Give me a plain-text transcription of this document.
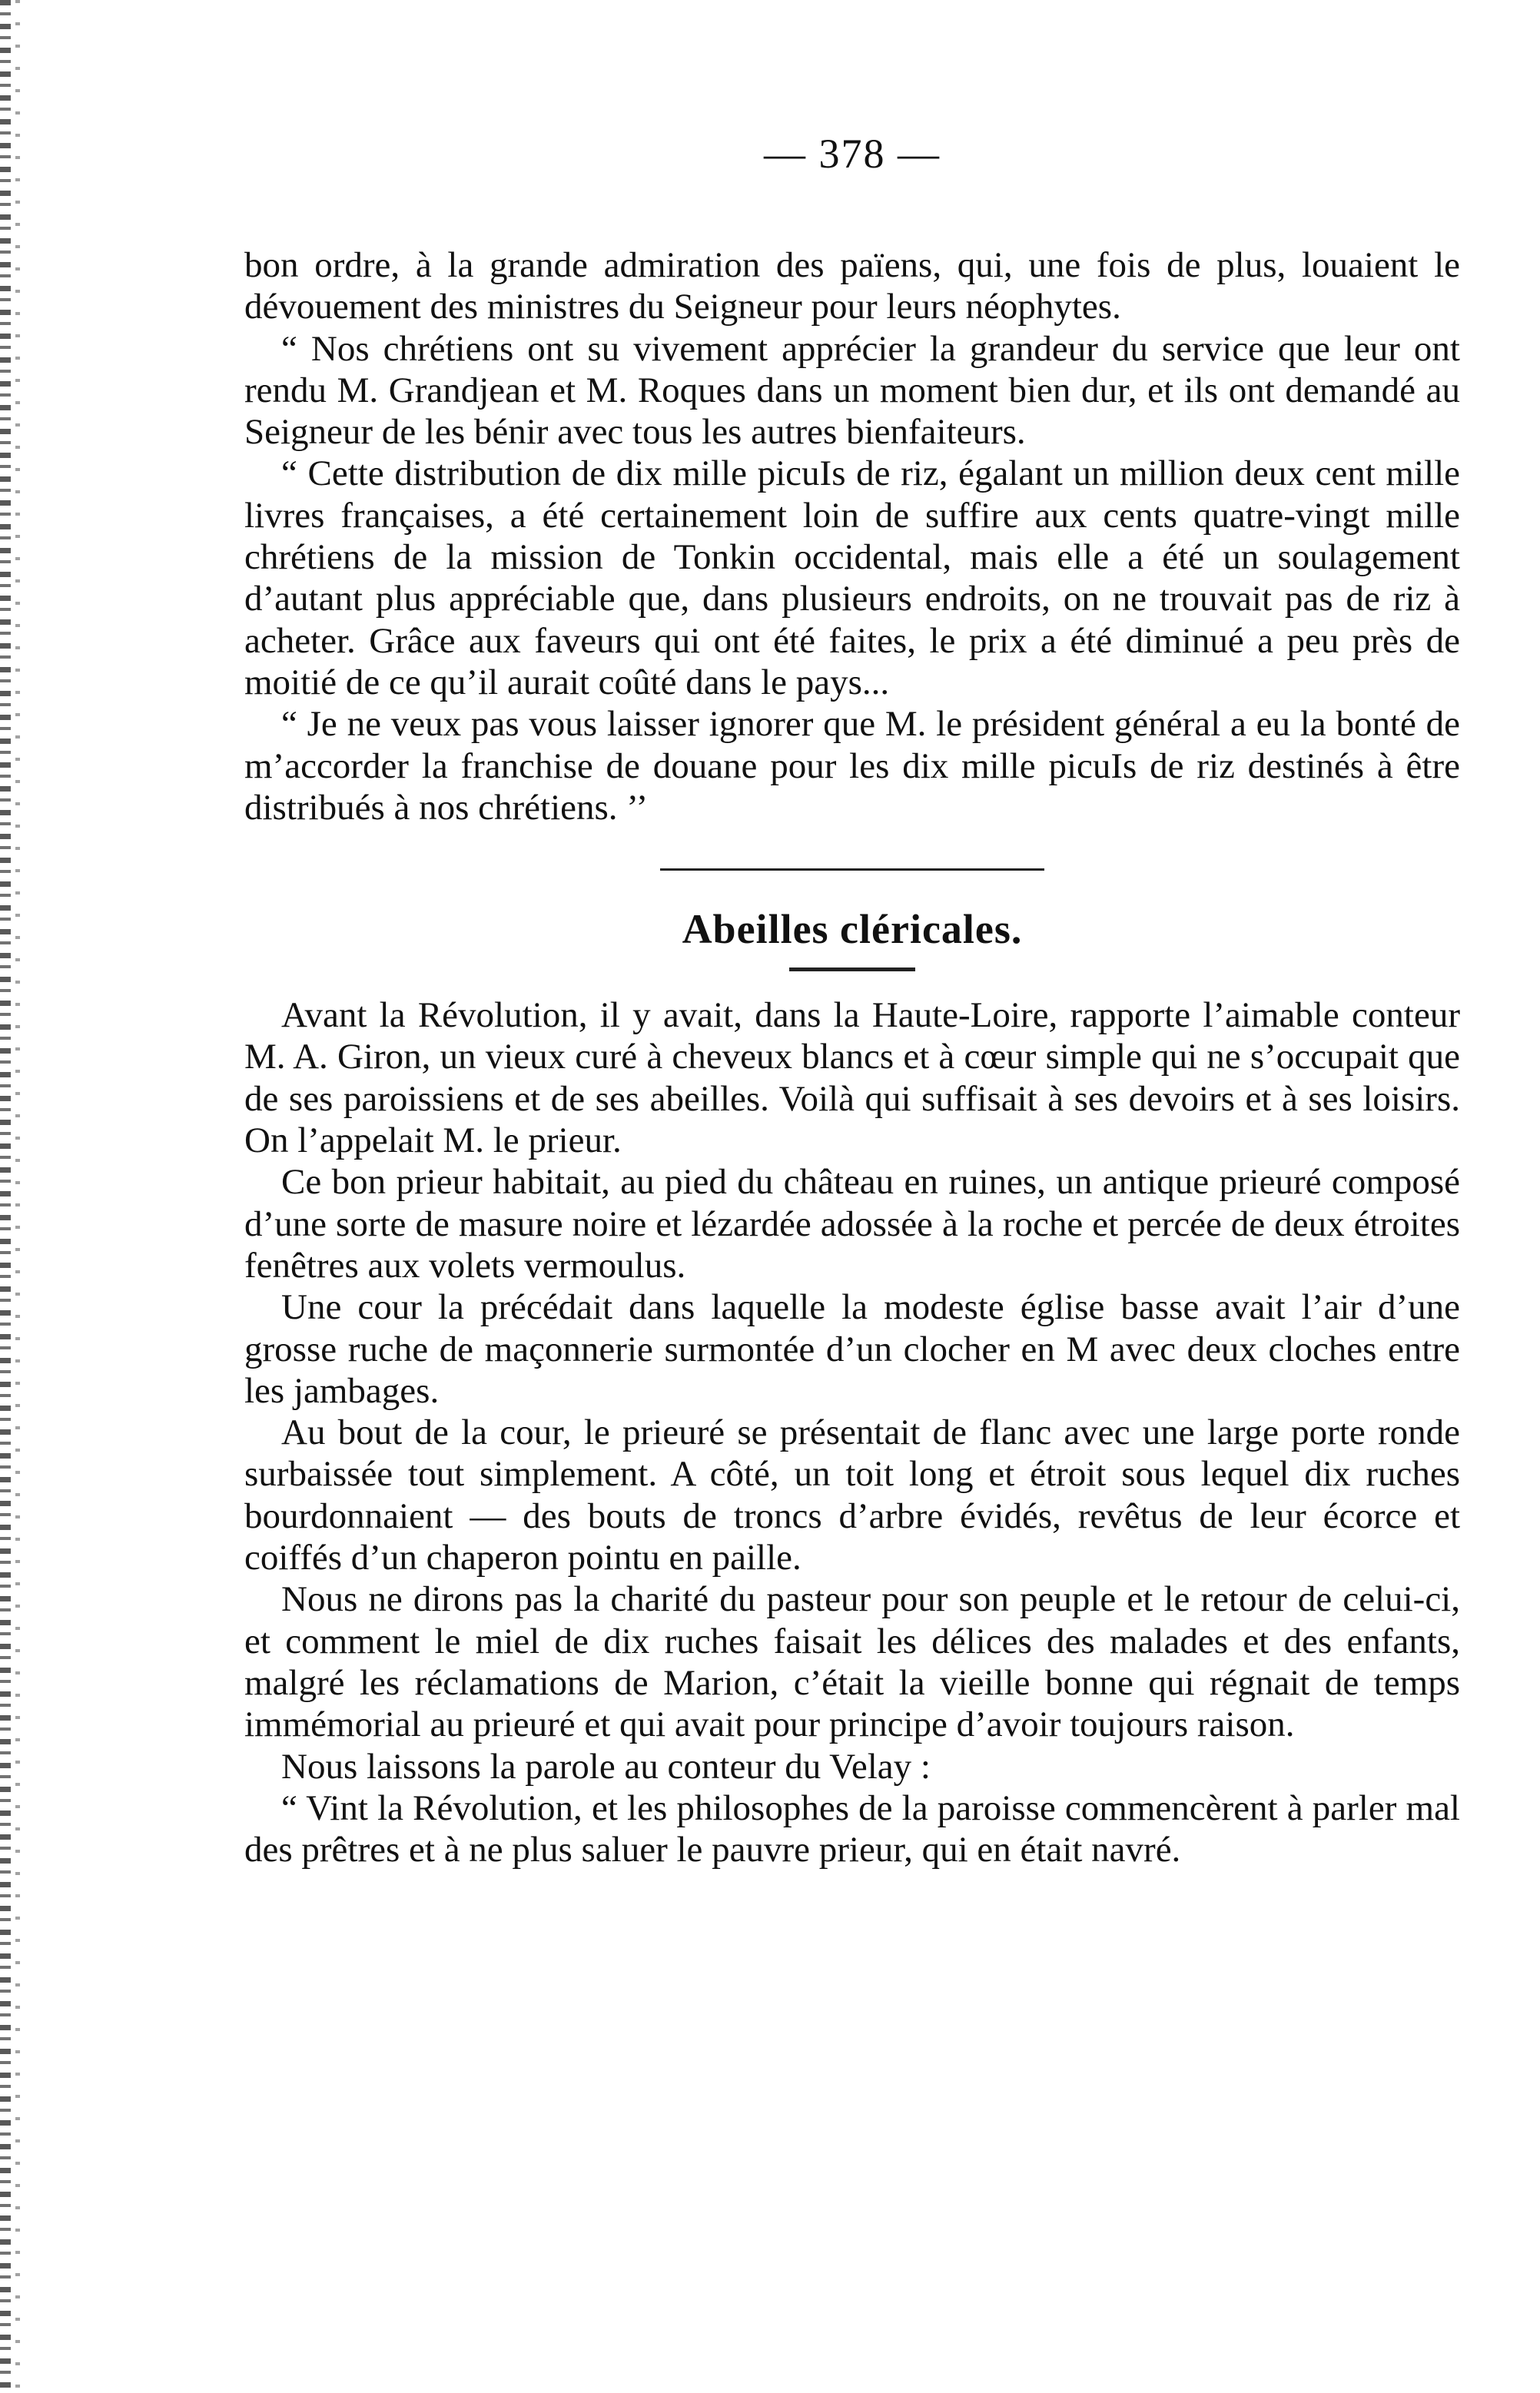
— 378 —

bon ordre, à la grande admiration des païens, qui, une fois de plus, louaient le dévouement des ministres du Seigneur pour leurs néophytes.

“ Nos chrétiens ont su vivement apprécier la grandeur du service que leur ont rendu M. Grandjean et M. Roques dans un moment bien dur, et ils ont demandé au Seigneur de les bénir avec tous les autres bienfaiteurs.

“ Cette distribution de dix mille picuIs de riz, égalant un million deux cent mille livres françaises, a été certainement loin de suffire aux cents quatre-vingt mille chrétiens de la mission de Tonkin occidental, mais elle a été un soulagement d’autant plus appréciable que, dans plusieurs endroits, on ne trouvait pas de riz à acheter. Grâce aux faveurs qui ont été faites, le prix a été diminué a peu près de moitié de ce qu’il aurait coûté dans le pays...

“ Je ne veux pas vous laisser ignorer que M. le président général a eu la bonté de m’accorder la franchise de douane pour les dix mille picuIs de riz destinés à être distribués à nos chrétiens. ’’

Abeilles cléricales.

Avant la Révolution, il y avait, dans la Haute-Loire, rapporte l’aimable conteur M. A. Giron, un vieux curé à cheveux blancs et à cœur simple qui ne s’occupait que de ses paroissiens et de ses abeilles. Voilà qui suffisait à ses devoirs et à ses loisirs. On l’appelait M. le prieur.

Ce bon prieur habitait, au pied du château en ruines, un antique prieuré composé d’une sorte de masure noire et lézardée adossée à la roche et percée de deux étroites fenêtres aux volets vermoulus.

Une cour la précédait dans laquelle la modeste église basse avait l’air d’une grosse ruche de maçonnerie surmontée d’un clocher en M avec deux cloches entre les jambages.

Au bout de la cour, le prieuré se présentait de flanc avec une large porte ronde surbaissée tout simplement. A côté, un toit long et étroit sous lequel dix ruches bourdonnaient — des bouts de troncs d’arbre évidés, revêtus de leur écorce et coiffés d’un chaperon pointu en paille.

Nous ne dirons pas la charité du pasteur pour son peuple et le retour de celui-ci, et comment le miel de dix ruches faisait les délices des malades et des enfants, malgré les réclamations de Marion, c’était la vieille bonne qui régnait de temps immémorial au prieuré et qui avait pour principe d’avoir toujours raison.

Nous laissons la parole au conteur du Velay :

“ Vint la Révolution, et les philosophes de la paroisse commencèrent à parler mal des prêtres et à ne plus saluer le pauvre prieur, qui en était navré.
